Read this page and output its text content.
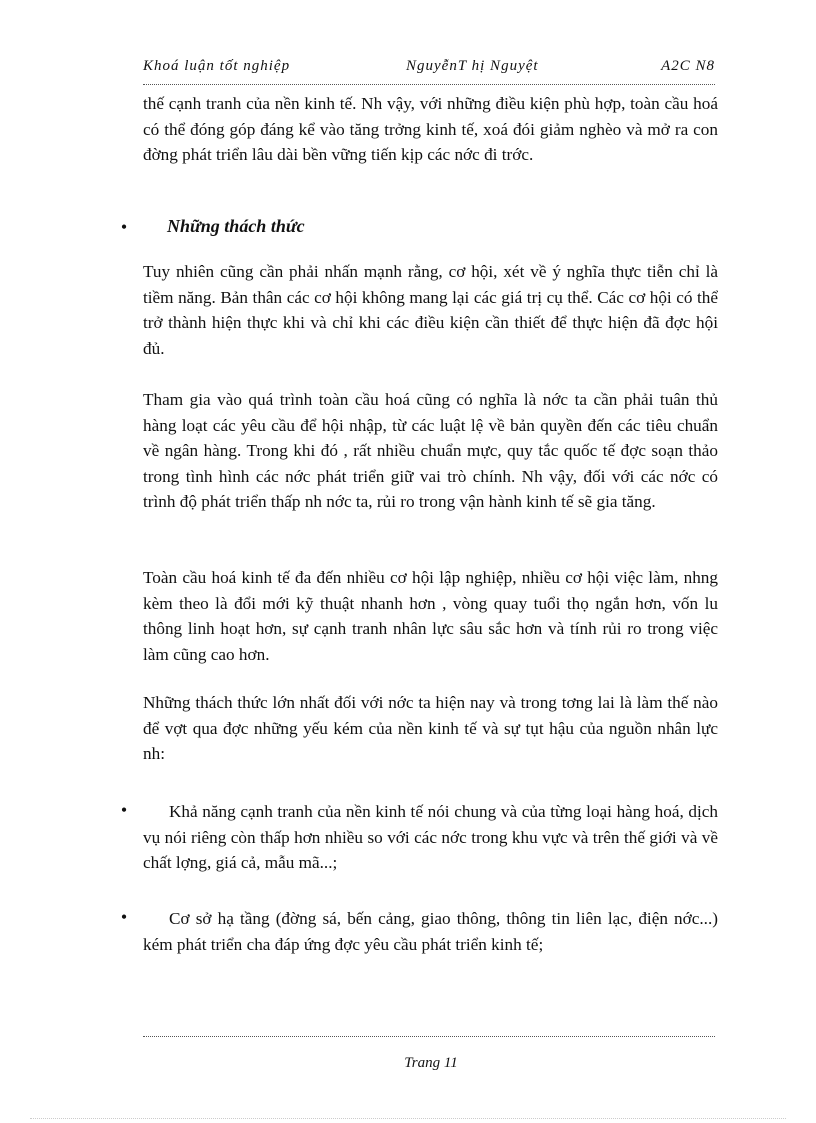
Khoá luận tốt nghiệp	NguyễnT hị Nguyệt	A2C N8

thế cạnh tranh của nền kinh tế. Nh vậy, với những điều kiện phù hợp, toàn cầu hoá có thể đóng góp đáng kể vào tăng trởng kinh tế, xoá đói giảm nghèo và mở ra con đờng phát triển lâu dài bền vững tiến kịp các nớc đi trớc.

• Những thách thức

Tuy nhiên cũng cần phải nhấn mạnh rằng, cơ hội, xét về ý nghĩa thực tiễn chỉ là tiềm năng. Bản thân các cơ hội không mang lại các giá trị cụ thể. Các cơ hội có thể trở thành hiện thực khi và chỉ khi các điều kiện cần thiết để thực hiện đã đợc hội đủ.

Tham gia vào quá trình toàn cầu hoá cũng có nghĩa là nớc ta cần phải tuân thủ hàng loạt các yêu cầu để hội nhập, từ các luật lệ về bản quyền đến các tiêu chuẩn về ngân hàng. Trong khi đó , rất nhiều chuẩn mực, quy tắc quốc tế đợc soạn thảo trong tình hình các nớc phát triển giữ vai trò chính. Nh vậy, đối với các nớc có trình độ phát triển thấp nh nớc ta, rủi ro trong vận hành kinh tế sẽ gia tăng.

Toàn cầu hoá kinh tế đa đến nhiều cơ hội lập nghiệp, nhiều cơ hội việc làm, nhng kèm theo là đổi mới kỹ thuật nhanh hơn , vòng quay tuổi thọ ngắn hơn, vốn lu thông linh hoạt hơn, sự cạnh tranh nhân lực sâu sắc hơn và tính rủi ro trong việc làm cũng cao hơn.

Những thách thức lớn nhất đối với nớc ta hiện nay và trong tơng lai là làm thế nào để vợt qua đợc những yếu kém của nền kinh tế và sự tụt hậu của nguồn nhân lực nh:

•	Khả năng cạnh tranh của nền kinh tế nói chung và của từng loại hàng hoá, dịch vụ nói riêng còn thấp hơn nhiều so với các nớc trong khu vực và trên thế giới và về chất lợng, giá cả, mẫu mã...;

•	Cơ sở hạ tầng (đờng sá, bến cảng, giao thông, thông tin liên lạc, điện nớc...) kém phát triển cha đáp ứng đợc yêu cầu phát triển kinh tế;

Trang 11
